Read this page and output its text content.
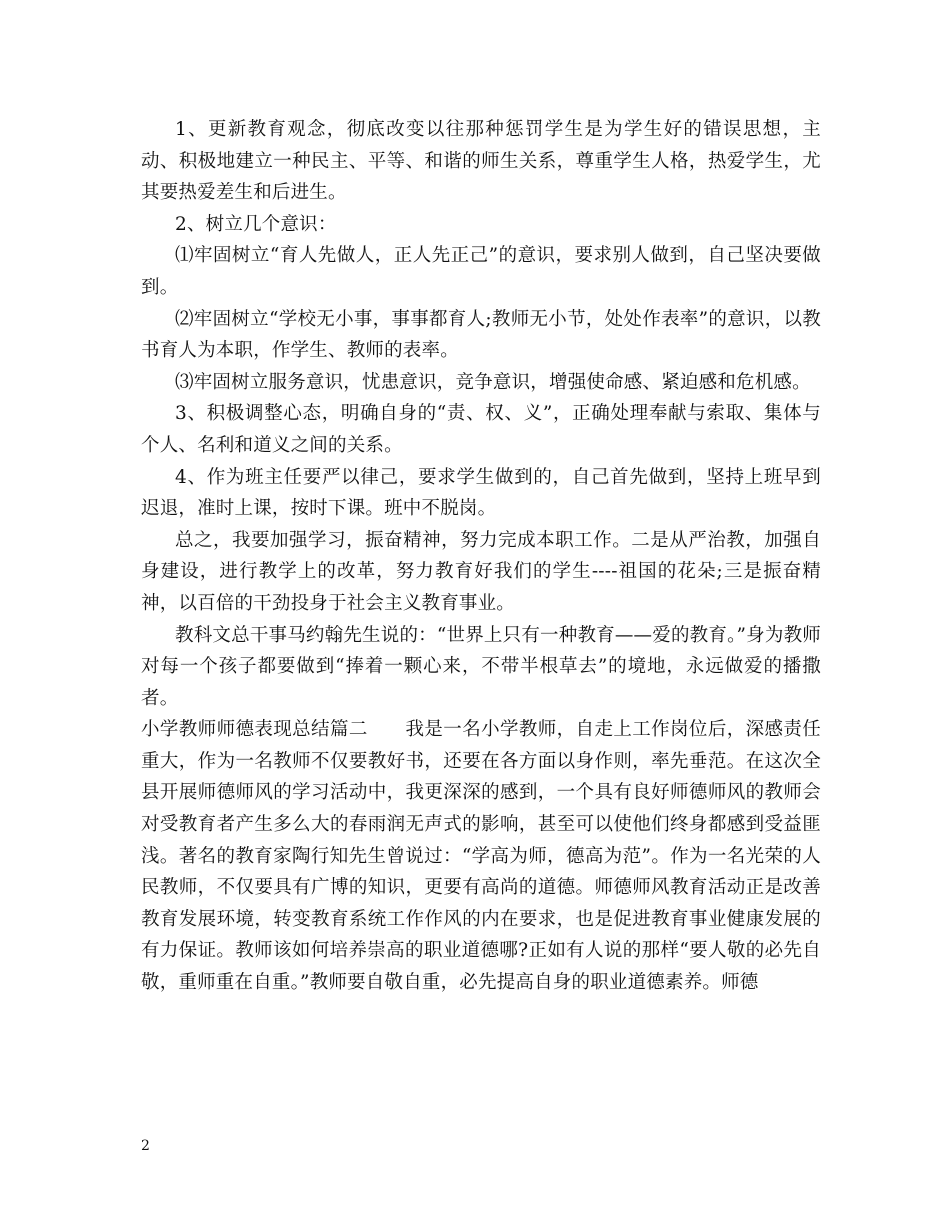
1、更新教育观念，彻底改变以往那种惩罚学生是为学生好的错误思想，主动、积极地建立一种民主、平等、和谐的师生关系，尊重学生人格，热爱学生，尤其要热爱差生和后进生。

2、树立几个意识：

⑴牢固树立“育人先做人，正人先正己”的意识，要求别人做到，自己坚决要做到。

⑵牢固树立“学校无小事，事事都育人;教师无小节，处处作表率”的意识，以教书育人为本职，作学生、教师的表率。

⑶牢固树立服务意识，忧患意识，竞争意识，增强使命感、紧迫感和危机感。

3、积极调整心态，明确自身的“责、权、义”，正确处理奉献与索取、集体与个人、名利和道义之间的关系。

4、作为班主任要严以律己，要求学生做到的，自己首先做到，坚持上班早到迟退，准时上课，按时下课。班中不脱岗。

总之，我要加强学习，振奋精神，努力完成本职工作。二是从严治教，加强自身建设，进行教学上的改革，努力教育好我们的学生----祖国的花朵;三是振奋精神，以百倍的干劲投身于社会主义教育事业。

教科文总干事马约翰先生说的：“世界上只有一种教育——爱的教育。”身为教师对每一个孩子都要做到“捧着一颗心来，不带半根草去”的境地，永远做爱的播撒者。

小学教师师德表现总结篇二　　我是一名小学教师，自走上工作岗位后，深感责任重大，作为一名教师不仅要教好书，还要在各方面以身作则，率先垂范。在这次全县开展师德师风的学习活动中，我更深深的感到，一个具有良好师德师风的教师会对受教育者产生多么大的春雨润无声式的影响，甚至可以使他们终身都感到受益匪浅。著名的教育家陶行知先生曾说过：“学高为师，德高为范”。作为一名光荣的人民教师，不仅要具有广博的知识，更要有高尚的道德。师德师风教育活动正是改善教育发展环境，转变教育系统工作作风的内在要求，也是促进教育事业健康发展的有力保证。教师该如何培养崇高的职业道德哪?正如有人说的那样“要人敬的必先自敬，重师重在自重。”教师要自敬自重，必先提高自身的职业道德素养。师德

2
